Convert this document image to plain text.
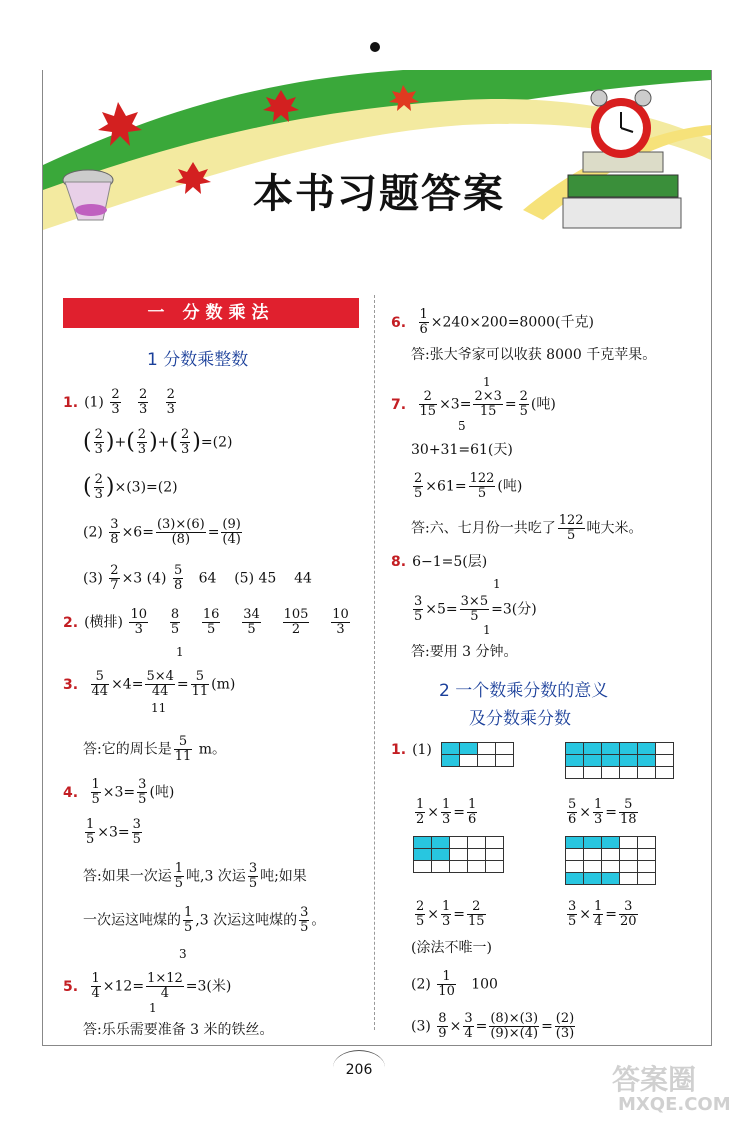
本书习题答案
一 分数乘法
1 分数乘整数
1. $(1) \frac{2}{3}$
$\frac{2}{3}$
$\frac{2}{3}$
( $\frac{2}{3}$ )+( $\frac{2}{3}$ )+( $\frac{2}{3} )=(2)$
( $\frac{2}{3} )\times(3)=(2)$
$(2) \frac{3}{8} \times 6= \frac{(3)\times(6)}{(8)} = \frac{(9)}{(4)}$
$(3) \frac{2}{7} \times 3$ $(4) \frac{5}{8} 64$    (5) 45    44
2. (横排) $\frac{10}{3}$
$\frac{8}{5}$
$\frac{16}{5}$
$\frac{34}{5}$
$\frac{105}{2}$
$\frac{10}{3}$
1
3. $\frac{5}{44} \times 4= \frac{5\times 4}{44} = \frac{5}{11} (m)$
11
答:它的周长是 $\frac{5}{11}$ m。
4. $\frac{1}{5} \times 3= \frac{3}{5}$ (吨)
$\frac{1}{5} \times 3= \frac{3}{5}$
答:如果一次运 $\frac{1}{5}$ 吨,3 次运 $\frac{3}{5}$ 吨;如果
一次运这吨煤的 $\frac{1}{5} ,3$ 次运这吨煤的 $\frac{3}{5}$ 。
3
5. $\frac{1}{4} \times 12= \frac{1\times 12}{4} =3$(米)
1
答:乐乐需要准备 3 米的铁丝。
6. $\frac{1}{6} \times 240\times 200=8000$(千克)
答:张大爷家可以收获 8000 千克苹果。
1
7. $\frac{2}{15} \times 3= \frac{2\times 3}{15} = \frac{2}{5}$ (吨)
5
30+31=61(天)
$\frac{2}{5} \times 61= \frac{122}{5}$ (吨)
答:六、七月份一共吃了 $\frac{122}{5}$ 吨大米。
8. 6−1=5(层)
1
$\frac{3}{5} \times 5= \frac{3\times 5}{5} =3$(分)
1
答:要用 3 分钟。
2 一个数乘分数的意义
及分数乘分数
1. (1)

$\frac{1}{2} \times \frac{1}{3} = \frac{1}{6}$	$\frac{5}{6} \times \frac{1}{3} = \frac{5}{18}$

$\frac{2}{5} \times \frac{1}{3} = \frac{2}{15}$	$\frac{3}{5} \times \frac{1}{4} = \frac{3}{20}$
(涂法不唯一)
$(2) \frac{1}{10} 100$
$(3) \frac{8}{9} \times \frac{3}{4} = \frac{(8)\times(3)}{(9)\times(4)} = \frac{(2)}{(3)}$
206	答案圈
MXQE.COM
